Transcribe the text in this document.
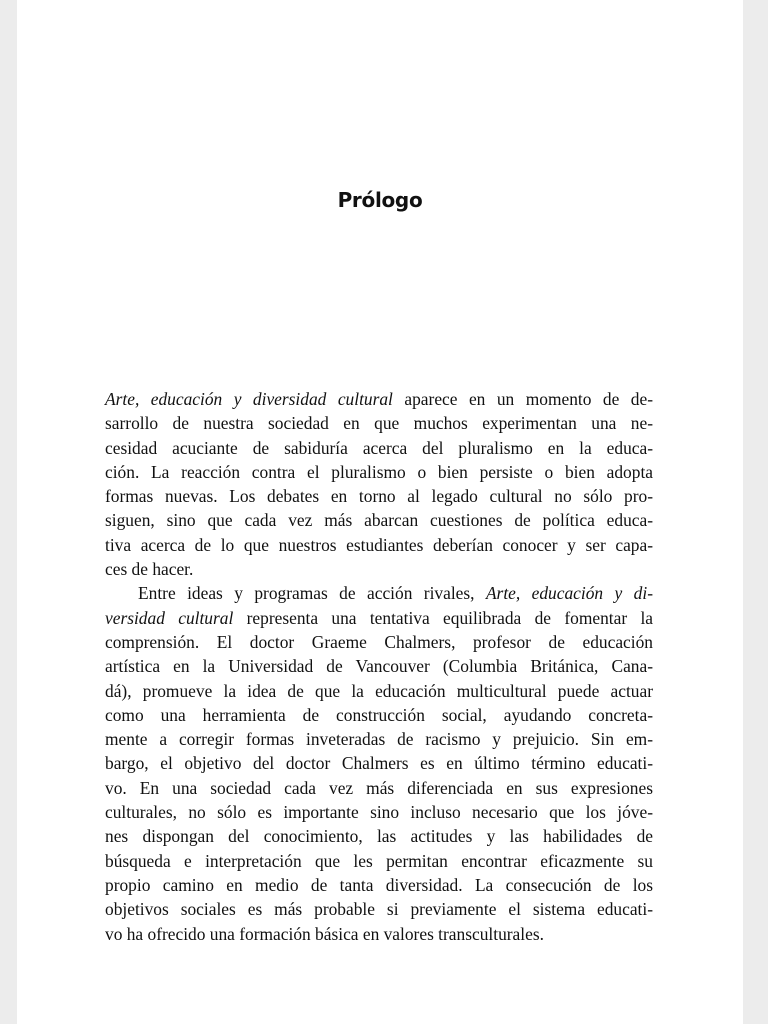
Prólogo
Arte, educación y diversidad cultural aparece en un momento de de-
sarrollo de nuestra sociedad en que muchos experimentan una ne-
cesidad acuciante de sabiduría acerca del pluralismo en la educa-
ción. La reacción contra el pluralismo o bien persiste o bien adopta
formas nuevas. Los debates en torno al legado cultural no sólo pro-
siguen, sino que cada vez más abarcan cuestiones de política educa-
tiva acerca de lo que nuestros estudiantes deberían conocer y ser capa-
ces de hacer.
Entre ideas y programas de acción rivales, Arte, educación y di-
versidad cultural representa una tentativa equilibrada de fomentar la
comprensión. El doctor Graeme Chalmers, profesor de educación
artística en la Universidad de Vancouver (Columbia Británica, Cana-
dá), promueve la idea de que la educación multicultural puede actuar
como una herramienta de construcción social, ayudando concreta-
mente a corregir formas inveteradas de racismo y prejuicio. Sin em-
bargo, el objetivo del doctor Chalmers es en último término educati-
vo. En una sociedad cada vez más diferenciada en sus expresiones
culturales, no sólo es importante sino incluso necesario que los jóve-
nes dispongan del conocimiento, las actitudes y las habilidades de
búsqueda e interpretación que les permitan encontrar eficazmente su
propio camino en medio de tanta diversidad. La consecución de los
objetivos sociales es más probable si previamente el sistema educati-
vo ha ofrecido una formación básica en valores transculturales.
